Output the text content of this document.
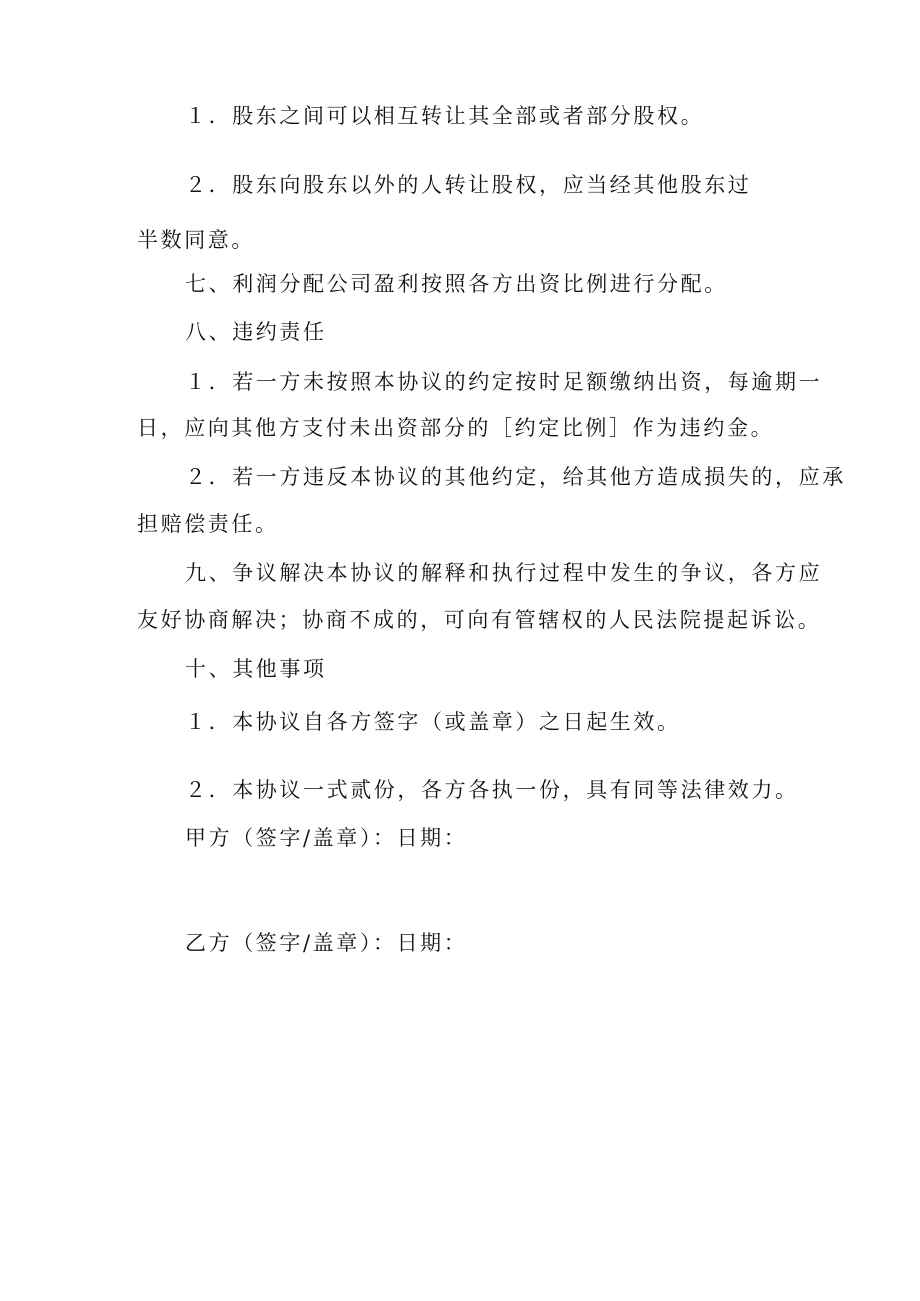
１．股东之间可以相互转让其全部或者部分股权。
２．股东向股东以外的人转让股权，应当经其他股东过
半数同意。
七、利润分配公司盈利按照各方出资比例进行分配。
八、违约责任
１．若一方未按照本协议的约定按时足额缴纳出资，每逾期一
日，应向其他方支付未出资部分的［约定比例］作为违约金。
２．若一方违反本协议的其他约定，给其他方造成损失的，应承
担赔偿责任。
九、争议解决本协议的解释和执行过程中发生的争议，各方应
友好协商解决；协商不成的，可向有管辖权的人民法院提起诉讼。
十、其他事项
１．本协议自各方签字（或盖章）之日起生效。
２．本协议一式贰份，各方各执一份，具有同等法律效力。
甲方（签字/盖章）：日期：
乙方（签字/盖章）：日期：
